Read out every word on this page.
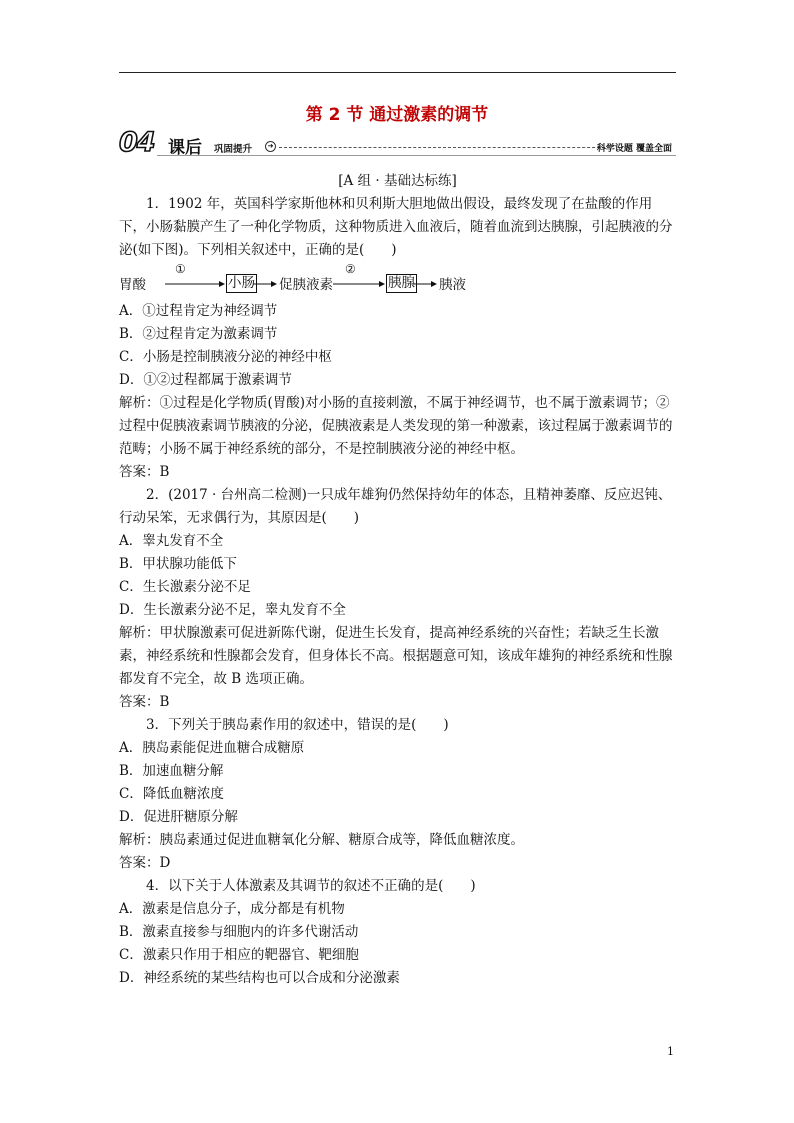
第 2 节 通过激素的调节
04 课后 巩固提升	➜	科学设题 覆盖全面

[A 组 · 基础达标练]

1．1902 年，英国科学家斯他林和贝利斯大胆地做出假设，最终发现了在盐酸的作用下，小肠黏膜产生了一种化学物质，这种物质进入血液后，随着血流到达胰腺，引起胰液的分泌(如下图)。下列相关叙述中，正确的是(　　)

胃酸
①
小肠 促胰液素
②
胰腺 胰液

A．①过程肯定为神经调节

B．②过程肯定为激素调节

C．小肠是控制胰液分泌的神经中枢

D．①②过程都属于激素调节

解析：①过程是化学物质(胃酸)对小肠的直接刺激，不属于神经调节，也不属于激素调节；②过程中促胰液素调节胰液的分泌，促胰液素是人类发现的第一种激素，该过程属于激素调节的范畴；小肠不属于神经系统的部分，不是控制胰液分泌的神经中枢。

答案：B

2．(2017 · 台州高二检测)一只成年雄狗仍然保持幼年的体态，且精神萎靡、反应迟钝、行动呆笨，无求偶行为，其原因是(　　)

A．睾丸发育不全

B．甲状腺功能低下

C．生长激素分泌不足

D．生长激素分泌不足，睾丸发育不全

解析：甲状腺激素可促进新陈代谢，促进生长发育，提高神经系统的兴奋性；若缺乏生长激素，神经系统和性腺都会发育，但身体长不高。根据题意可知，该成年雄狗的神经系统和性腺都发育不完全，故 B 选项正确。

答案：B

3．下列关于胰岛素作用的叙述中，错误的是(　　)

A．胰岛素能促进血糖合成糖原

B．加速血糖分解

C．降低血糖浓度

D．促进肝糖原分解

解析：胰岛素通过促进血糖氧化分解、糖原合成等，降低血糖浓度。

答案：D

4．以下关于人体激素及其调节的叙述不正确的是(　　)

A．激素是信息分子，成分都是有机物

B．激素直接参与细胞内的许多代谢活动

C．激素只作用于相应的靶器官、靶细胞

D．神经系统的某些结构也可以合成和分泌激素

1
